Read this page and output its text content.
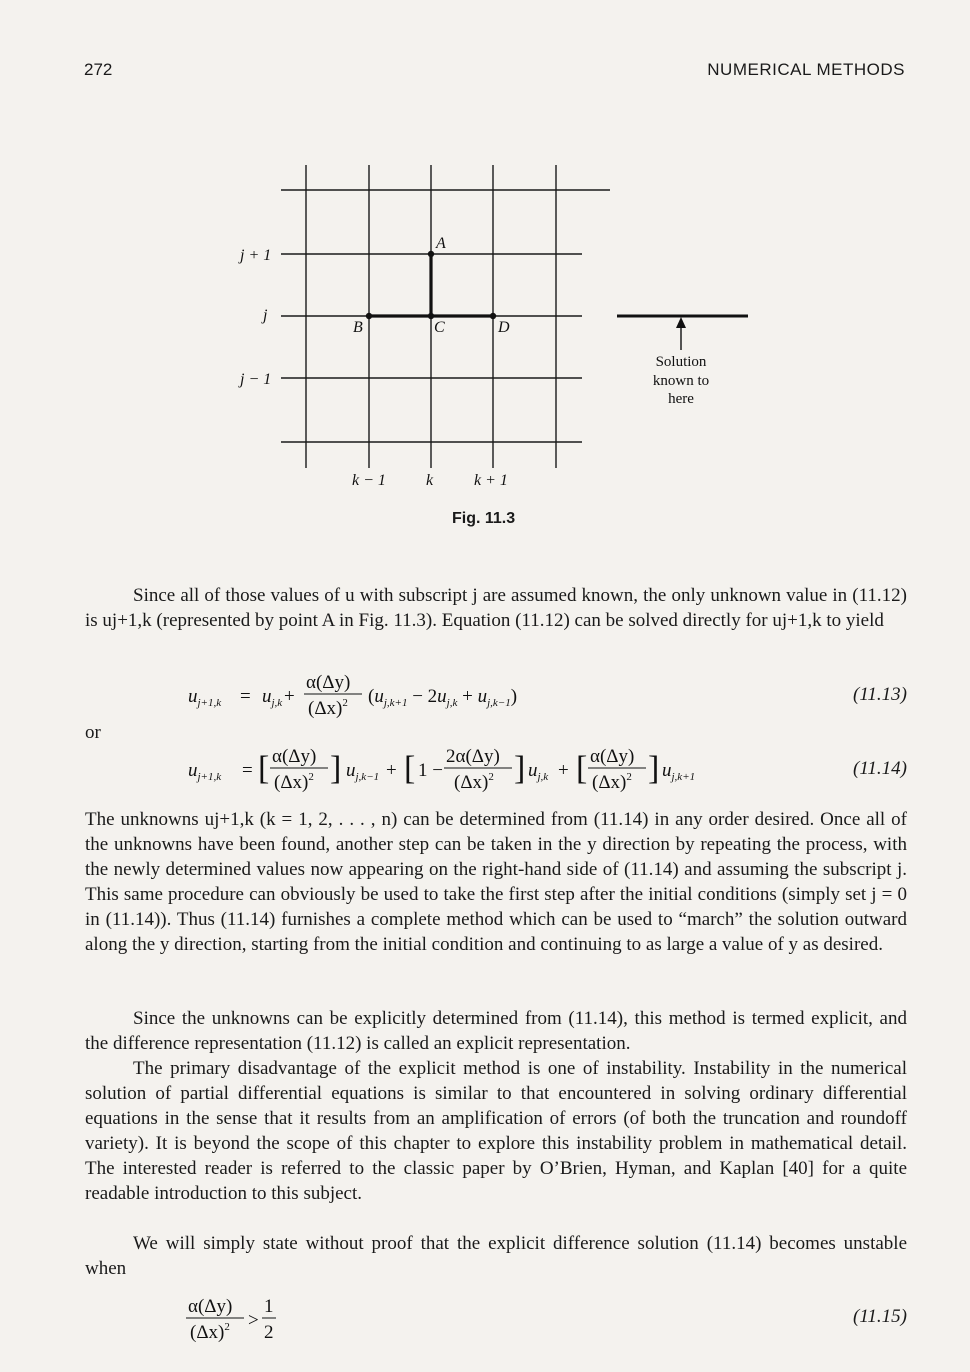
272	NUMERICAL METHODS
j + 1
j
j − 1
k − 1	k	k + 1
A
B	C	D
Solution
known to
here
Fig. 11.3

Since all of those values of u with subscript j are assumed known, the only unknown value in (11.12) is uj+1,k (represented by point A in Fig. 11.3). Equation (11.12) can be solved directly for uj+1,k to yield

$u_{j+1,k} = u_{j,k}$ +
α(Δy)
$(\Delta x)^2$ $(u_{j,k+1} - 2u_{j,k} + u_{j,k-1})$	(11.13)
or
$u_{j+1,k}$ = [ α(Δy)
$(\Delta x)^2$ ] $u_{j,k-1}$ + [ 1 −
2α(Δy)
$(\Delta x)^2$ ] $u_{j,k}$ + [ α(Δy)
$(\Delta x)^2$ ] $u_{j,k+1}$	(11.14)

The unknowns uj+1,k (k = 1, 2, . . . , n) can be determined from (11.14) in any order desired. Once all of the unknowns have been found, another step can be taken in the y direction by repeating the process, with the newly determined values now appearing on the right-hand side of (11.14) and assuming the subscript j. This same procedure can obviously be used to take the first step after the initial conditions (simply set j = 0 in (11.14)). Thus (11.14) furnishes a complete method which can be used to “march” the solution outward along the y direction, starting from the initial condition and continuing to as large a value of y as desired.

Since the unknowns can be explicitly determined from (11.14), this method is termed explicit, and the difference representation (11.12) is called an explicit representation.

The primary disadvantage of the explicit method is one of instability. Instability in the numerical solution of partial differential equations is similar to that encountered in solving ordinary differential equations in the sense that it results from an amplification of errors (of both the truncation and roundoff variety). It is beyond the scope of this chapter to explore this instability problem in mathematical detail. The interested reader is referred to the classic paper by O’Brien, Hyman, and Kaplan [40] for a quite readable introduction to this subject.

We will simply state without proof that the explicit difference solution (11.14) becomes unstable when

α(Δy)
$(\Delta x)^2$ >
1
2
(11.15)
